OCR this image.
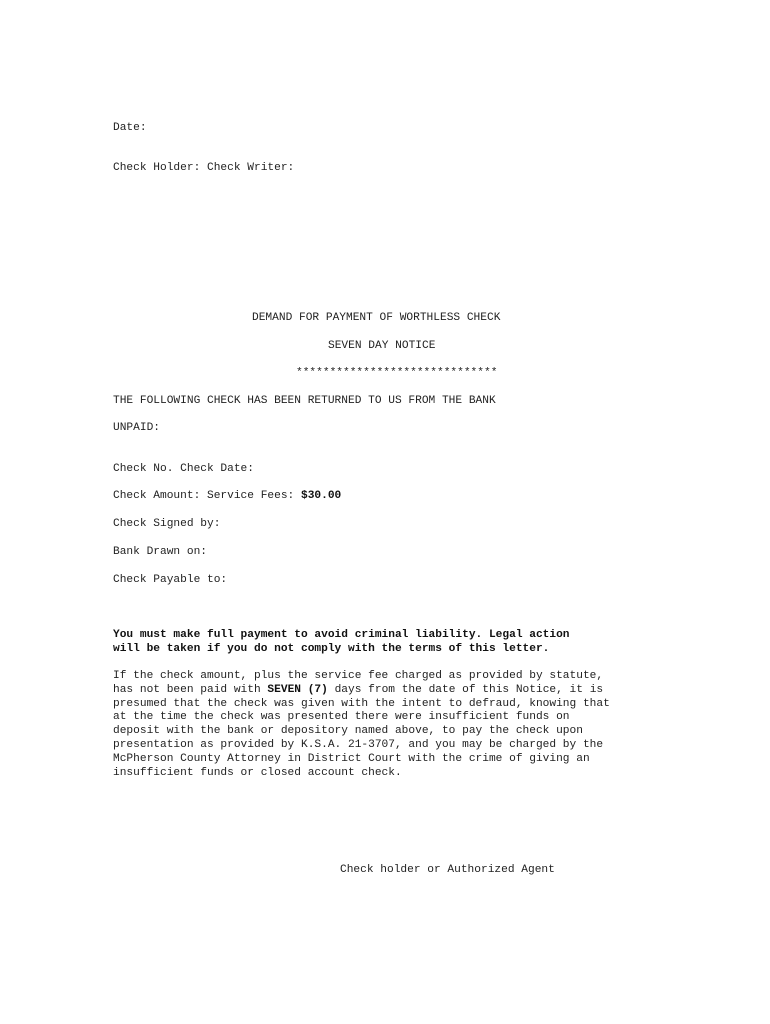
Date:
Check Holder: Check Writer:
DEMAND FOR PAYMENT OF WORTHLESS CHECK
SEVEN DAY NOTICE
******************************
THE FOLLOWING CHECK HAS BEEN RETURNED TO US FROM THE BANK
UNPAID:
Check No. Check Date:
Check Amount: Service Fees: $30.00
Check Signed by:
Bank Drawn on:
Check Payable to:
You must make full payment to avoid criminal liability. Legal action
will be taken if you do not comply with the terms of this letter.
If the check amount, plus the service fee charged as provided by statute,
has not been paid with SEVEN (7) days from the date of this Notice, it is
presumed that the check was given with the intent to defraud, knowing that
at the time the check was presented there were insufficient funds on
deposit with the bank or depository named above, to pay the check upon
presentation as provided by K.S.A. 21-3707, and you may be charged by the
McPherson County Attorney in District Court with the crime of giving an
insufficient funds or closed account check.
Check holder or Authorized Agent
